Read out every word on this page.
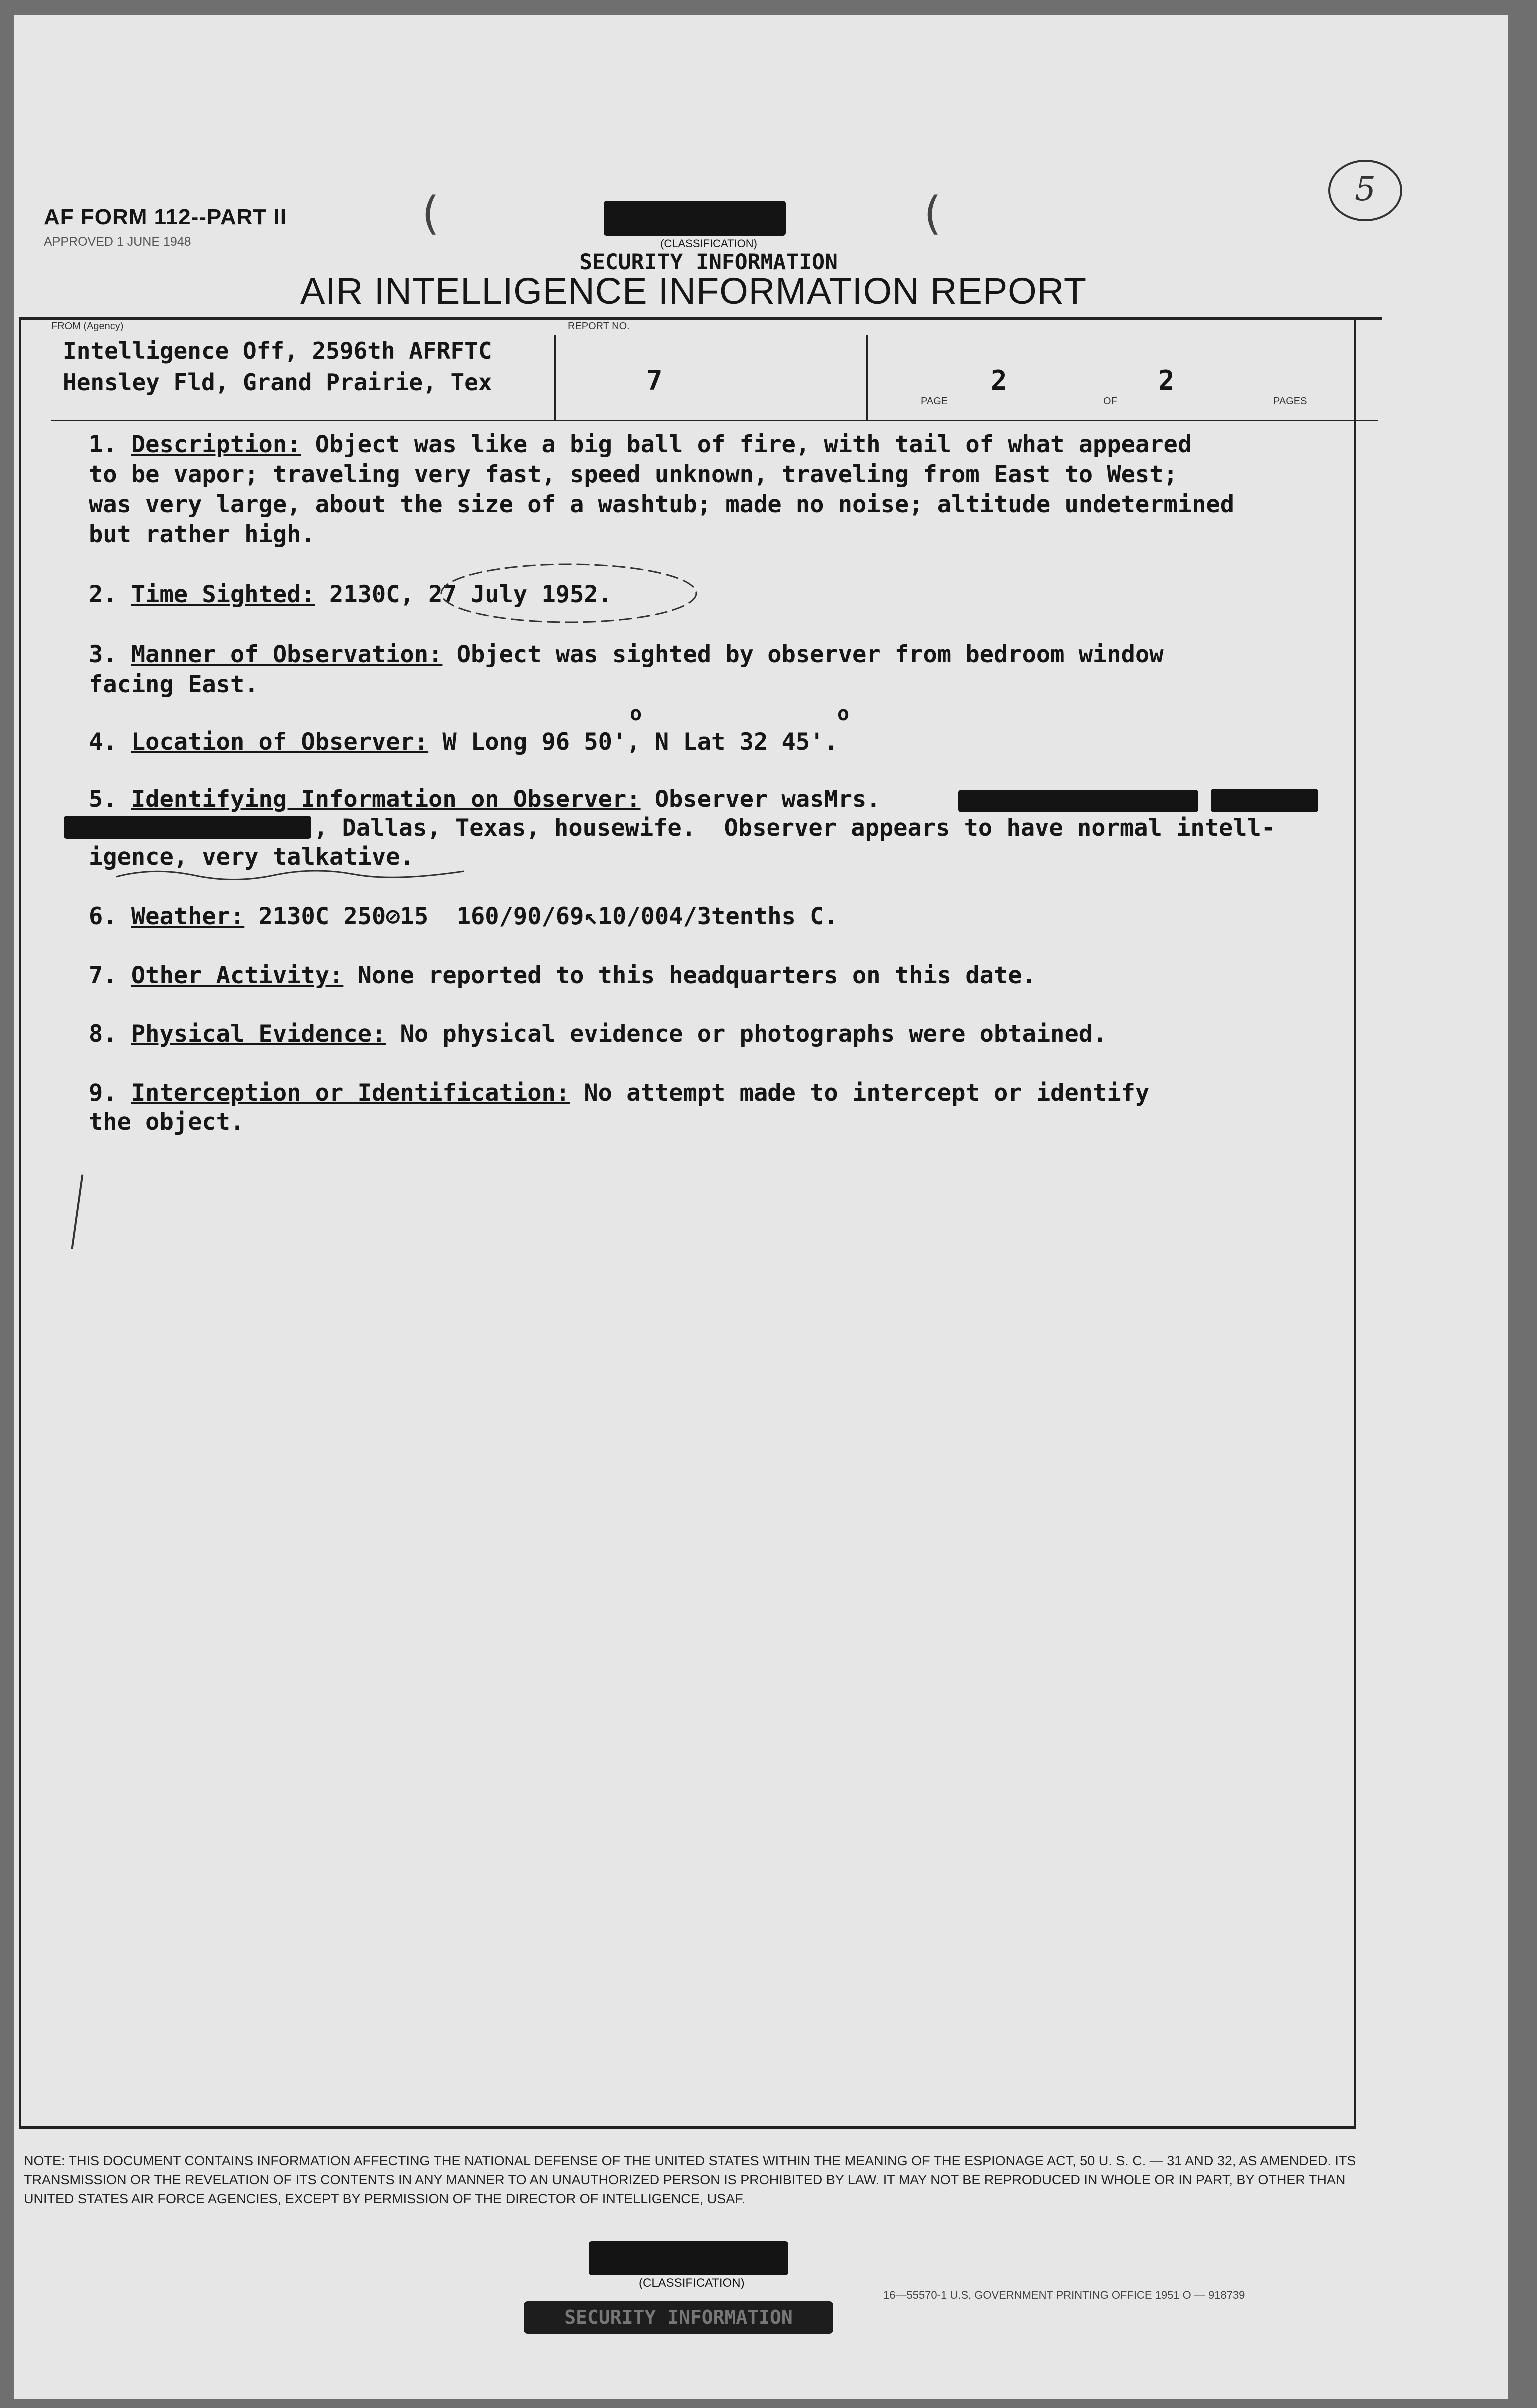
AF FORM 112--PART II
APPROVED 1 JUNE 1948
(	(
(CLASSIFICATION)
SECURITY INFORMATION
AIR INTELLIGENCE INFORMATION REPORT
5
FROM (Agency)
Intelligence Off, 2596th AFRFTC
Hensley Fld, Grand Prairie, Tex
REPORT NO.
7
PAGE
2
OF
2
PAGES
1. Description: Object was like a big ball of fire, with tail of what appeared
to be vapor; traveling very fast, speed unknown, traveling from East to West;
was very large, about the size of a washtub; made no noise; altitude undetermined
but rather high.
2. Time Sighted: 2130C, 27 July 1952.
3. Manner of Observation: Object was sighted by observer from bedroom window
facing East.
o	o
4. Location of Observer: W Long 96 50', N Lat 32 45'.
5. Identifying Information on Observer: Observer wasMrs.
, Dallas, Texas, housewife.  Observer appears to have normal intell-
igence, very talkative.
6. Weather: 2130C 250⊘15  160/90/69↖10/004/3tenths C.
7. Other Activity: None reported to this headquarters on this date.
8. Physical Evidence: No physical evidence or photographs were obtained.
9. Interception or Identification: No attempt made to intercept or identify
the object.
NOTE: THIS DOCUMENT CONTAINS INFORMATION AFFECTING THE NATIONAL DEFENSE OF THE UNITED STATES WITHIN THE MEANING OF THE ESPIONAGE ACT, 50 U. S. C. — 31 AND 32, AS AMENDED. ITS TRANSMISSION OR THE REVELATION OF ITS CONTENTS IN ANY MANNER TO AN UNAUTHORIZED PERSON IS PROHIBITED BY LAW. IT MAY NOT BE REPRODUCED IN WHOLE OR IN PART, BY OTHER THAN UNITED STATES AIR FORCE AGENCIES, EXCEPT BY PERMISSION OF THE DIRECTOR OF INTELLIGENCE, USAF.
(CLASSIFICATION)
16—55570-1 U.S. GOVERNMENT PRINTING OFFICE 1951 O — 918739
SECURITY INFORMATION
